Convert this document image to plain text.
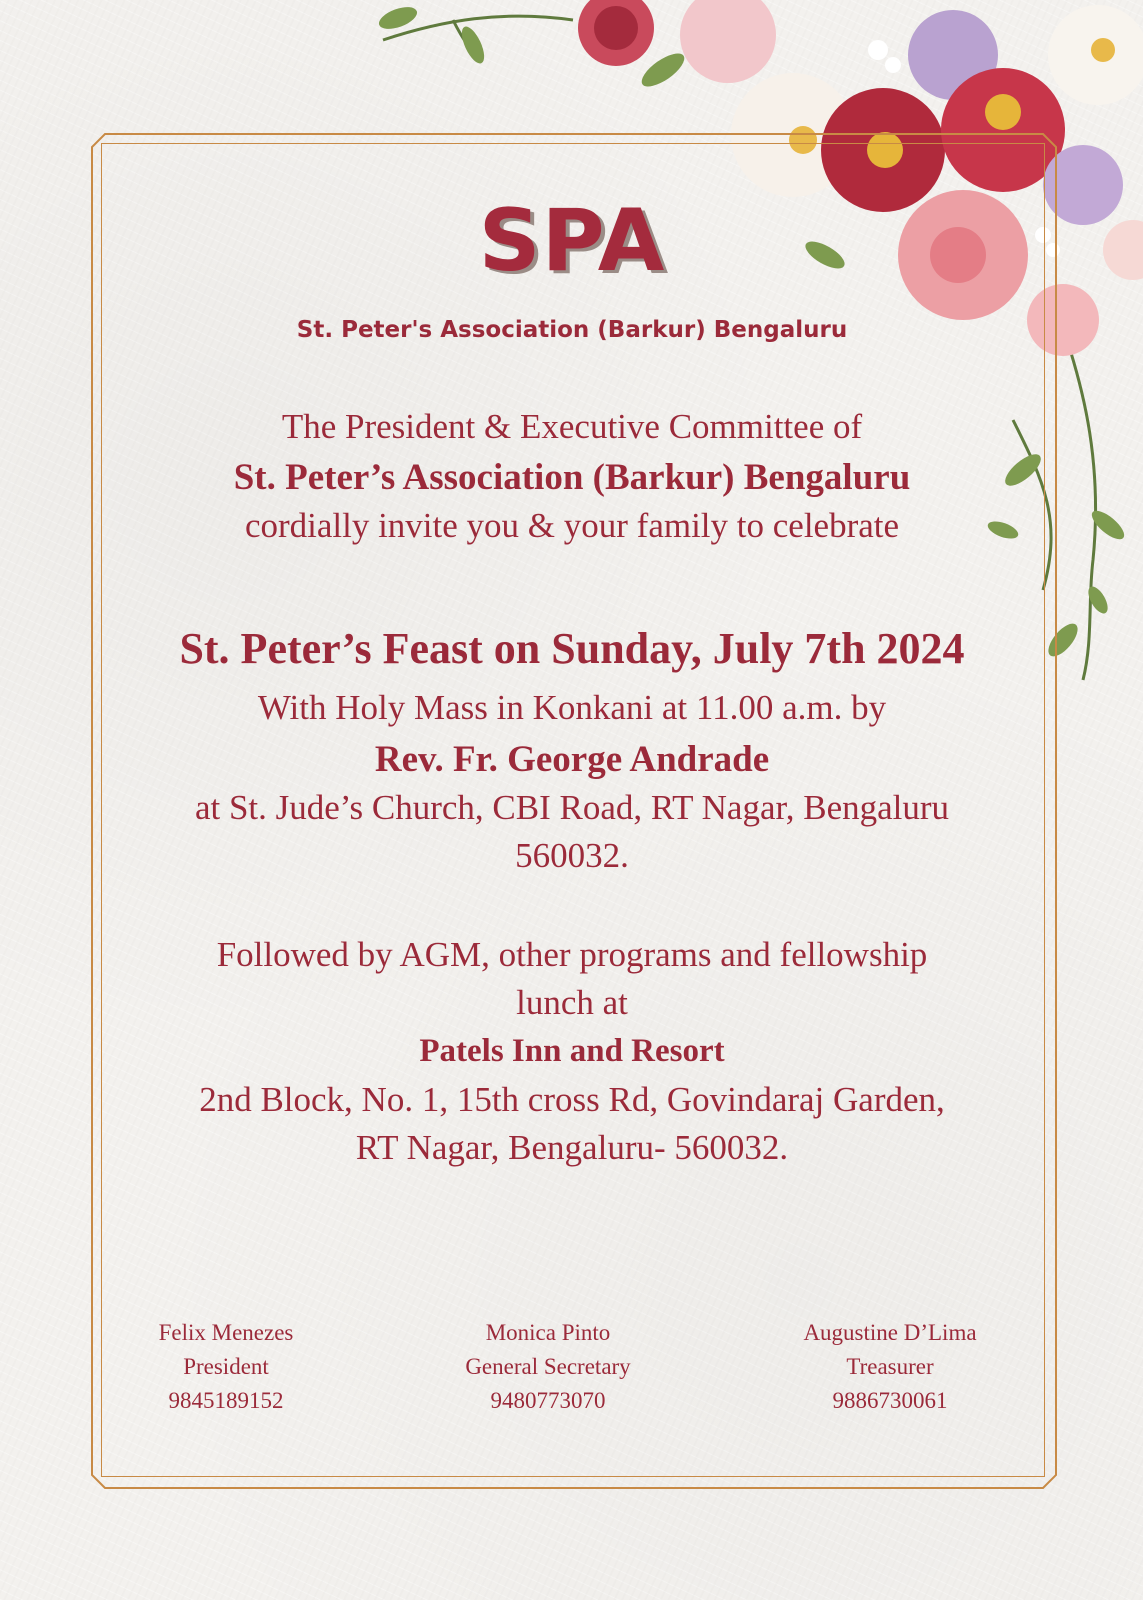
SPA
St. Peter's Association (Barkur) Bengaluru
The President & Executive Committee of
St. Peter’s Association (Barkur) Bengaluru
cordially invite you & your family to celebrate
St. Peter’s Feast on Sunday, July 7th 2024
With Holy Mass in Konkani at 11.00 a.m. by
Rev. Fr. George Andrade
at St. Jude’s Church, CBI Road, RT Nagar, Bengaluru
560032.
Followed by AGM, other programs and fellowship
lunch at
Patels Inn and Resort
2nd Block, No. 1, 15th cross Rd, Govindaraj Garden,
RT Nagar, Bengaluru- 560032.
Felix Menezes
President
9845189152
Monica Pinto
General Secretary
9480773070
Augustine D’Lima
Treasurer
9886730061
